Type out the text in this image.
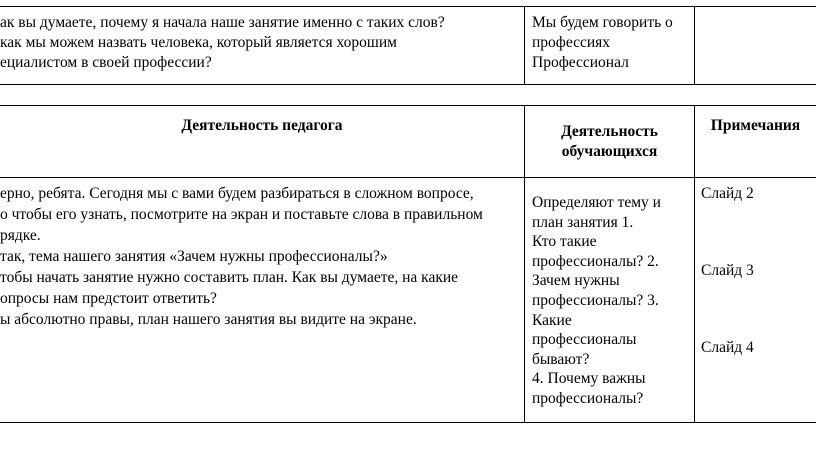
ак вы думаете, почему я начала наше занятие именно с таких слов?
как мы можем назвать человека, который является хорошим
ециалистом в своей профессии?
Мы будем говорить о
профессиях
Профессионал
Деятельность педагога	Деятельность
обучающихся
Примечания
ерно, ребята. Сегодня мы с вами будем разбираться в сложном вопросе,
о чтобы его узнать, посмотрите на экран и поставьте слова в правильном
рядке.
так, тема нашего занятия «Зачем нужны профессионалы?»
тобы начать занятие нужно составить план. Как вы думаете, на какие
опросы нам предстоит ответить?
ы абсолютно правы, план нашего занятия вы видите на экране.
Определяют тему и
план занятия 1.
Кто такие
профессионалы? 2.
Зачем нужны
профессионалы? 3.
Какие
профессионалы
бывают?
4. Почему важны
профессионалы?
Слайд 2
Слайд 3
Слайд 4
